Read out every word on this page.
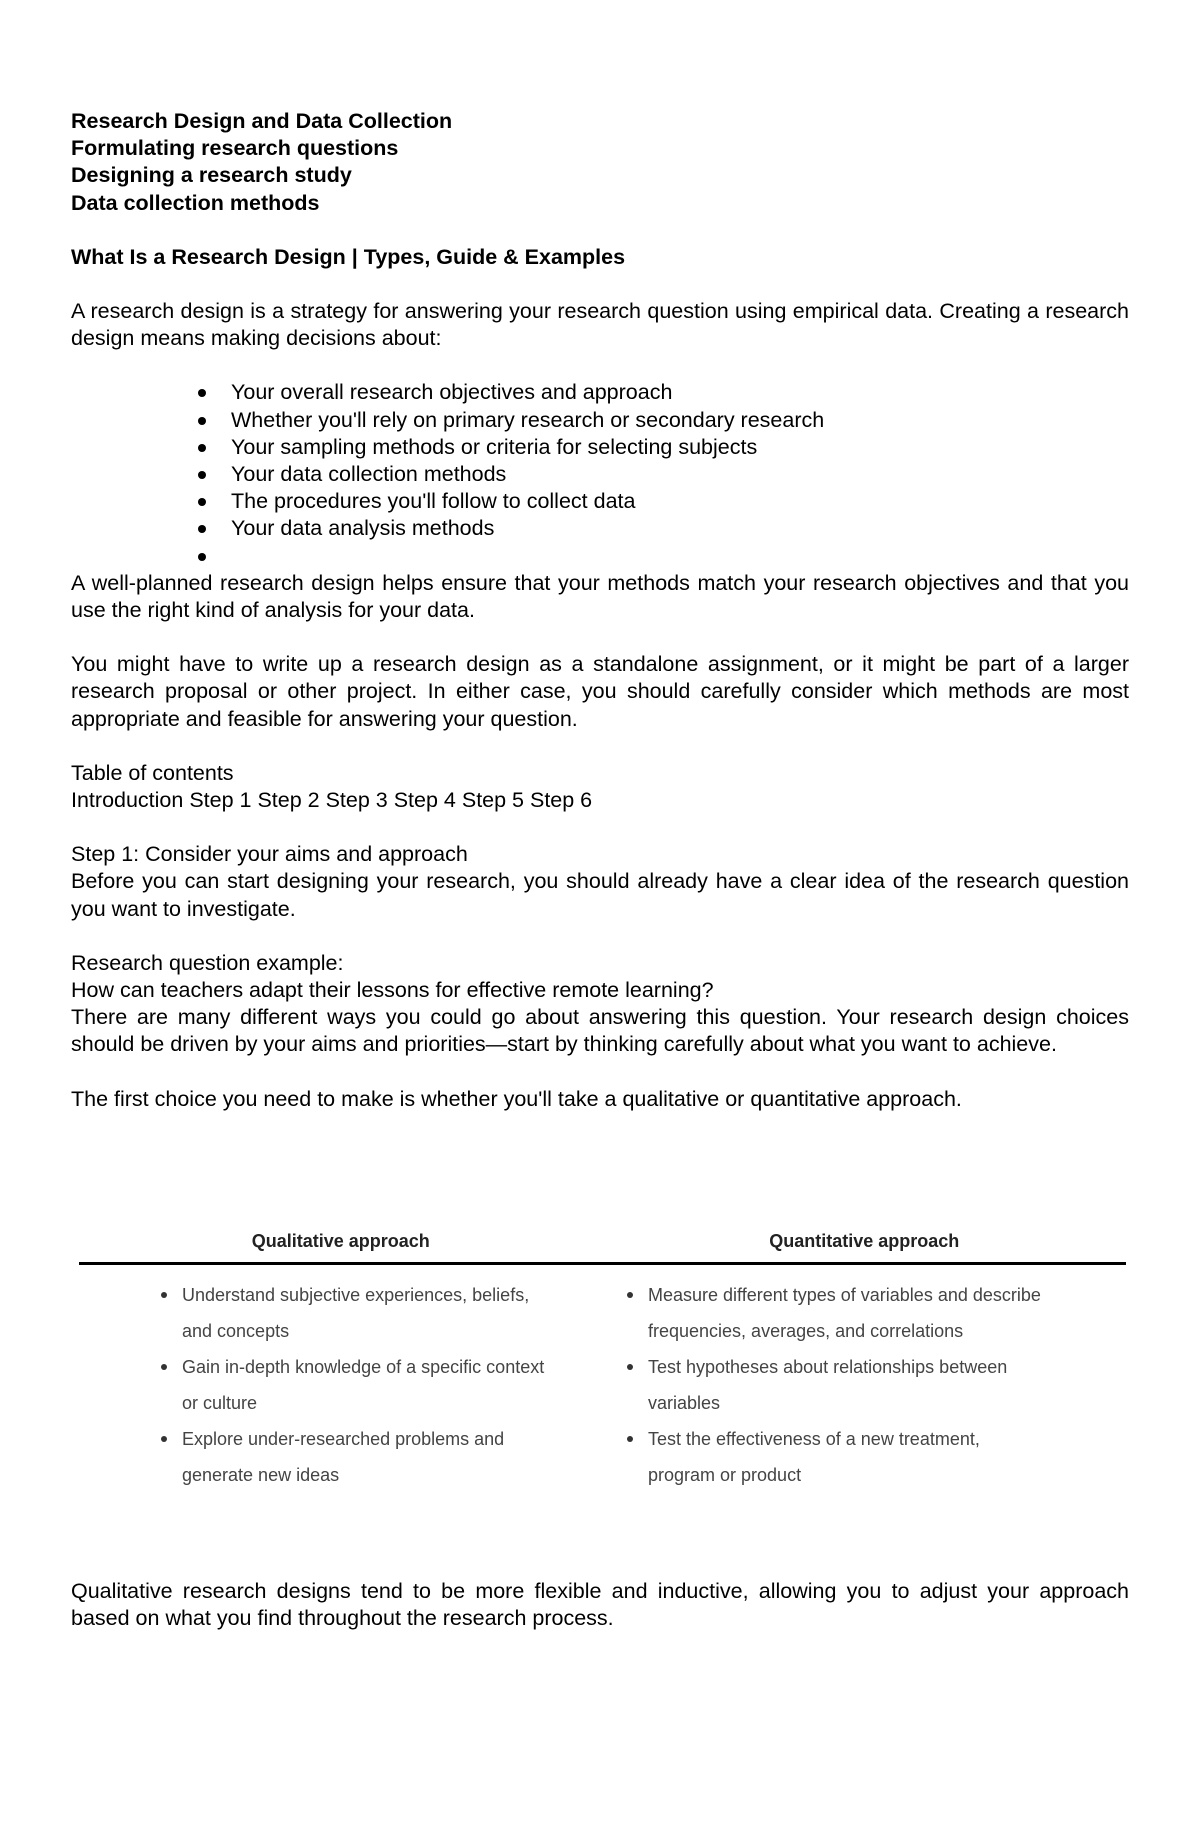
Research Design and Data Collection

Formulating research questions

Designing a research study

Data collection methods

What Is a Research Design | Types, Guide & Examples

A research design is a strategy for answering your research question using empirical data. Creating a research design means making decisions about:

Your overall research objectives and approach
Whether you'll rely on primary research or secondary research
Your sampling methods or criteria for selecting subjects
Your data collection methods
The procedures you'll follow to collect data
Your data analysis methods

A well-planned research design helps ensure that your methods match your research objectives and that you use the right kind of analysis for your data.

You might have to write up a research design as a standalone assignment, or it might be part of a larger research proposal or other project. In either case, you should carefully consider which methods are most appropriate and feasible for answering your question.

Table of contents

Introduction Step 1 Step 2 Step 3 Step 4 Step 5 Step 6

Step 1: Consider your aims and approach

Before you can start designing your research, you should already have a clear idea of the research question you want to investigate.

Research question example:

How can teachers adapt their lessons for effective remote learning?

There are many different ways you could go about answering this question. Your research design choices should be driven by your aims and priorities—start by thinking carefully about what you want to achieve.

The first choice you need to make is whether you'll take a qualitative or quantitative approach.

Qualitative approach	Quantitative approach
Understand subjective experiences, beliefs, and concepts
Gain in-depth knowledge of a specific context or culture
Explore under-researched problems and generate new ideas
Measure different types of variables and describe frequencies, averages, and correlations
Test hypotheses about relationships between variables
Test the effectiveness of a new treatment, program or product

Qualitative research designs tend to be more flexible and inductive, allowing you to adjust your approach based on what you find throughout the research process.
